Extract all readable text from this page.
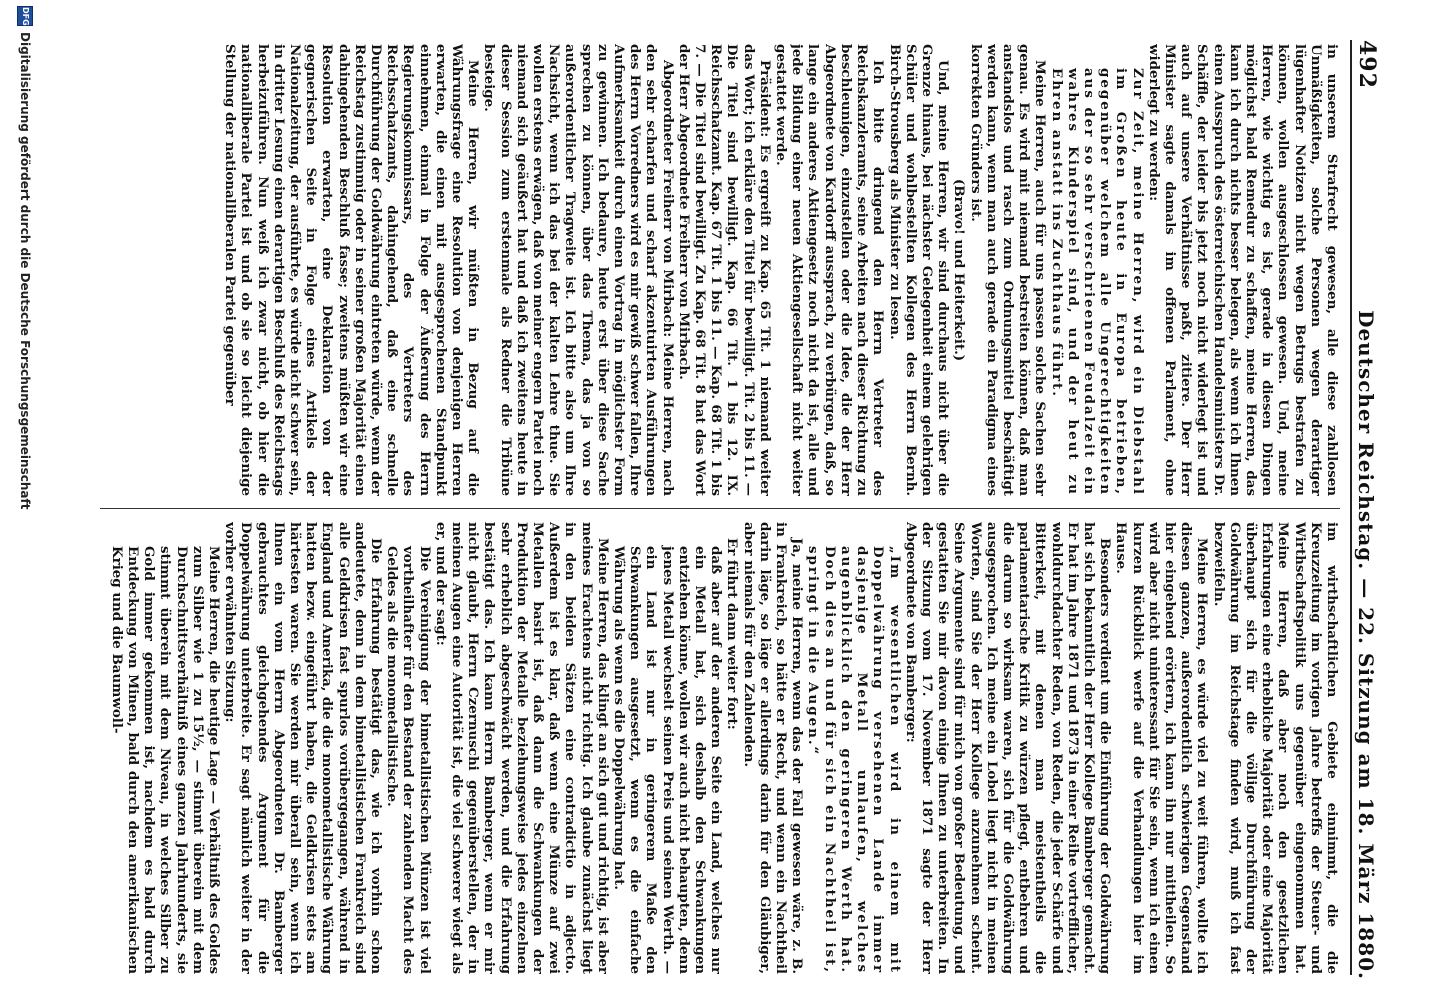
492
Deutscher Reichstag. — 22. Sitzung am 18. März 1880.

in unserem Strafrecht gewesen, alle diese zahllosen Unmäßigkeiten, solche Personen wegen derartiger lügenhafter Notizen nicht wegen Betrugs bestrafen zu können, wollen ausgeschlossen gewesen. Und, meine Herren, wie wichtig es ist, gerade in diesen Dingen möglichst bald Remedur zu schaffen, meine Herren, das kann ich durch nichts besser belegen, als wenn ich Ihnen einen Ausspruch des österreichischen Handelsministers Dr. Schäffle, der leider bis jetzt noch nicht widerlegt ist und auch auf unsere Verhältnisse paßt, zitiere. Der Herr Minister sagte damals im offenen Parlament, ohne widerlegt zu werden:

Zur Zeit, meine Herren, wird ein Diebstahl im Großen heute in Europa betrieben, gegenüber welchem alle Ungerechtigkeiten aus der so sehr verschrieenen Feudalzeit ein wahres Kinderspiel sind, und der heut zu Ehren anstatt ins Zuchthaus führt.

Meine Herren, auch für uns passen solche Sachen sehr genau. Es wird mit niemand bestreiten können, daß man anstandslos und rasch zum Ordnungsmittel beschäftigt werden kann, wenn man auch gerade ein Paradigma eines korrekten Gründers ist.

(Bravo! und Heiterkeit.)

Und, meine Herren, wir sind durchaus nicht über die Grenze hinaus, bei nächster Gelegenheit einem gelehrigen Schüler und wohlbestellten Kollegen des Herrn Bernh. Birch-Strousberg als Minister zu lesen.

Ich bitte dringend den Herrn Vertreter des Reichskanzleramts, seine Arbeiten nach dieser Richtung zu beschleunigen, einzustellen oder die Idee, die der Herr Abgeordnete von Kardorff aussprach, zu verbürgen, daß, so lange ein anderes Aktiengesetz noch nicht da ist, alle und jede Bildung einer neuen Aktiengesellschaft nicht weiter gestattet werde.

Präsident: Es ergreift zu Kap. 65 Tit. 1 niemand weiter das Wort; ich erkläre den Titel für bewilligt. Tit. 2 bis 11. — Die Titel sind bewilligt. Kap. 66 Tit. 1 bis 12. IX. Reichsschatzamt. Kap. 67 Tit. 1 bis 11. — Kap. 68 Tit. 1 bis 7. — Die Titel sind bewilligt. Zu Kap. 68 Tit. 8 hat das Wort der Herr Abgeordnete Freiherr von Mirbach.

Abgeordneter Freiherr von Mirbach: Meine Herren, nach den sehr scharfen und scharf akzentuirten Ausführungen des Herrn Vorredners wird es mir gewiß schwer fallen, Ihre Aufmerksamkeit durch einen Vortrag in möglichster Form zu gewinnen. Ich bedaure, heute erst über diese Sache sprechen zu können, über das Thema, das ja von so außerordentlicher Tragweite ist. Ich bitte also um Ihre Nachsicht, wenn ich das bei der kalten Lehre thue. Sie wollen erstens erwägen, daß von meiner engern Partei noch niemand sich geäußert hat und daß ich zweitens heute in dieser Session zum erstenmale als Redner die Tribüne besteige.

Meine Herren, wir müßten in Bezug auf die Währungsfrage eine Resolution von denjenigen Herren erwarten, die einen mit ausgesprochenen Standpunkt einnehmen, einmal in Folge der Äußerung des Herrn Regierungskommissars, des Vertreters des Reichsschatzamts, dahingehend, daß eine schnelle Durchführung der Goldwährung eintreten würde, wenn der Reichstag zustimmig oder in seiner großen Majorität einen dahingehenden Beschluß fasse; zweitens müßten wir eine Resolution erwarten, eine Deklaration von der gegnerischen Seite in Folge eines Artikels der Nationalzeitung, der ausführte, es würde nicht schwer sein, in dritter Lesung einen derartigen Beschluß des Reichstags herbeizuführen. Nun weiß ich zwar nicht, ob hier die nationalliberale Partei ist und ob sie so leicht diejenige Stellung der nationalliberalen Partei gegenüber

im wirthschaftlichen Gebiete einnimmt, die die Kreuzzeitung im vorigen Jahre betreffs der Steuer- und Wirthschaftspolitik uns gegenüber eingenommen hat. Meine Herren, daß aber noch den gesetzlichen Erfahrungen eine erhebliche Majorität oder eine Majorität überhaupt sich für die völlige Durchführung der Goldwährung im Reichstage finden wird, muß ich fast bezweifeln.

Meine Herren, es würde viel zu weit führen, wollte ich diesen ganzen, außerordentlich schwierigen Gegenstand hier eingehend erörtern, ich kann ihn nur mittheilen. So wird aber nicht uninteressant für Sie sein, wenn ich einen kurzen Rückblick werfe auf die Verhandlungen hier im Hause.

Besonders verdient um die Einführung der Goldwährung hat sich bekanntlich der Herr Kollege Bamberger gemacht. Er hat im Jahre 1871 und 1873 in einer Reihe vortrefflicher, wohldurchdachter Reden, von Reden, die jeder Schärfe und Bitterkeit, mit denen man meistentheils die parlamentarische Kritik zu würzen pflegt, entbehren und die darum so wirksam waren, sich für die Goldwährung ausgesprochen. Ich meine ein Lobel liegt nicht in meinen Worten, sind Sie der Herr Kollege anzunehmen scheint. Seine Argumente sind für mich von großer Bedeutung, und gestatten Sie mir davon einige Ihnen zu unterbreiten. In der Sitzung vom 17. November 1871 sagte der Herr Abgeordnete von Bamberger:

„Im wesentlichen wird in einem mit Doppelwährung versehenen Lande immer dasjenige Metall umlaufen, welches augenblicklich den geringeren Werth hat. Doch dies an und für sich ein Nachtheil ist, springt in die Augen.“

Ja, meine Herren, wenn das der Fall gewesen wäre, z. B. in Frankreich, so hätte er Recht, und wenn ein Nachtheil darin läge, so läge er allerdings darin für den Gläubiger, aber niemals für den Zahlenden.

Er führt dann weiter fort:

daß aber auf der anderen Seite ein Land, welches nur ein Metall hat, sich deshalb den Schwankungen entziehen könne, wollen wir auch nicht behaupten, denn jenes Metall wechselt seinen Preis und seinen Werth. — ein Land ist nur in geringerem Maße den Schwankungen ausgesetzt, wenn es die einfache Währung als wenn es die Doppelwährung hat.

Meine Herren, das klingt an sich gut und richtig, ist aber meines Erachtens nicht richtig. Ich glaube zunächst liegt in den beiden Sätzen eine contradictio in adjecto. Außerdem ist es klar, daß wenn eine Münze auf zwei Metallen basirt ist, daß dann die Schwankungen der Produktion der Metalle beziehungsweise jedes einzelnen sehr erheblich abgeschwächt werden, und die Erfahrung bestätigt das. Ich kann Herrn Bamberger, wenn er mir nicht glaubt, Herrn Czernuschi gegenüberstellen, der in meinen Augen eine Autorität ist, die viel schwerer wiegt als er, und der sagt:

Die Vereinigung der bimetallistischen Münzen ist viel vortheilhafter für den Bestand der zahlenden Macht des Geldes als die monometallistische.

Die Erfahrung bestätigt das, wie ich vorhin schon andeutete, denn in dem bimetallistischen Frankreich sind alle Geldkrisen fast spurlos vorübergegangen, während in England und Amerika, die die monometallistische Währung hatten bezw. eingeführt haben, die Geldkrisen stets am härtesten waren. Sie werden mir überall sein, wenn ich Ihnen ein vom Herrn Abgeordneten Dr. Bamberger gebrauchtes gleichgehendes Argument für die Doppelwährung unterbreite. Er sagt nämlich weiter in der vorher erwähnten Sitzung:

Meine Herren, die heutige Lage — Verhältniß des Goldes zum Silber wie 1 zu 15½, — stimmt überein mit dem Durchschnittsverhältniß eines ganzen Jahrhunderts, sie stimmt überein mit dem Niveau, in welches Silber zu Gold immer gekommen ist, nachdem es bald durch Entdeckung von Minen, bald durch den amerikanischen Krieg und die Baumwoll-

DFG
Digitalisierung gefördert durch die Deutsche Forschungsgemeinschaft
